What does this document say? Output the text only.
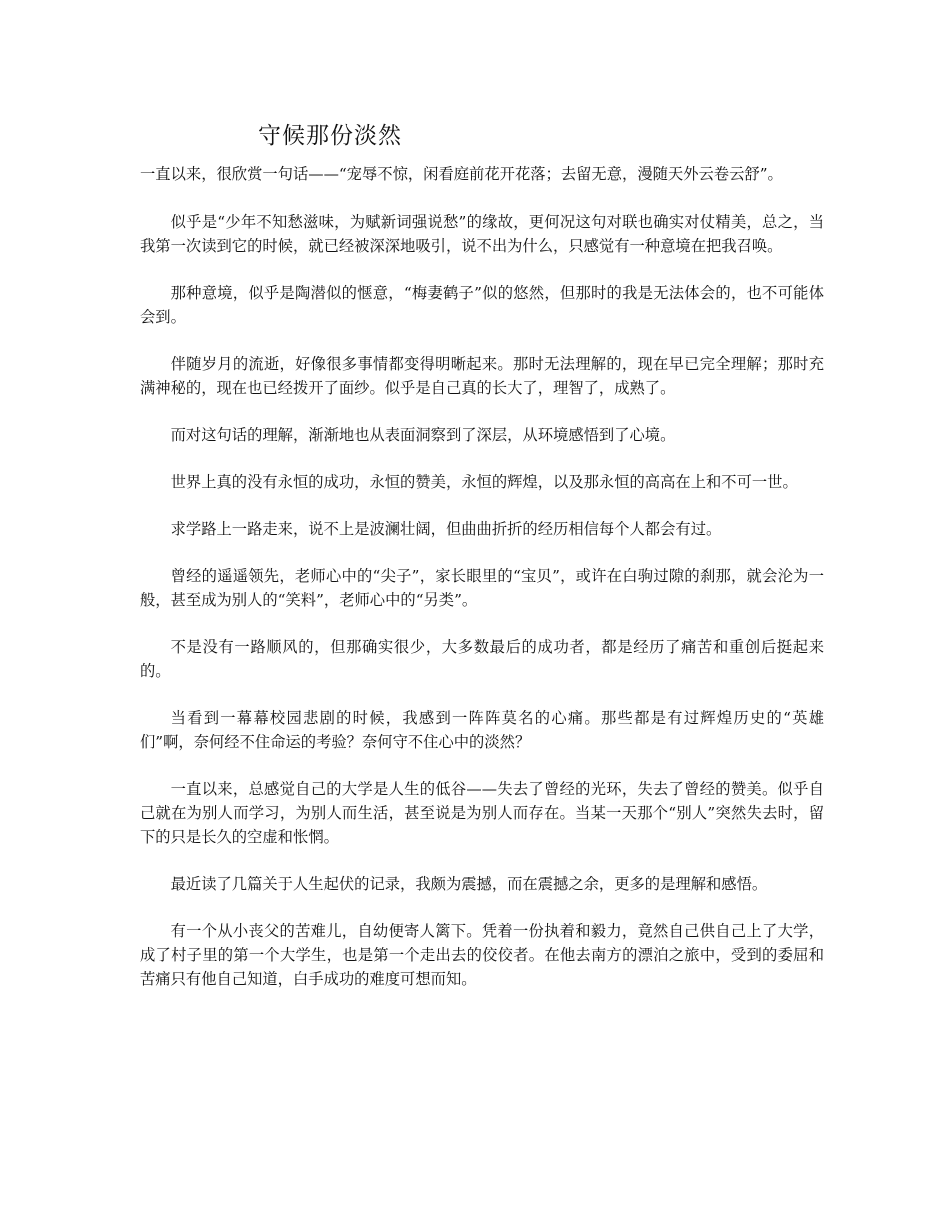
守候那份淡然

一直以来，很欣赏一句话——“宠辱不惊，闲看庭前花开花落；去留无意，漫随天外云卷云舒”。

似乎是“少年不知愁滋味，为赋新词强说愁”的缘故，更何况这句对联也确实对仗精美，总之，当我第一次读到它的时候，就已经被深深地吸引，说不出为什么，只感觉有一种意境在把我召唤。

那种意境，似乎是陶潜似的惬意，“梅妻鹤子”似的悠然，但那时的我是无法体会的，也不可能体会到。

伴随岁月的流逝，好像很多事情都变得明晰起来。那时无法理解的，现在早已完全理解；那时充满神秘的，现在也已经拨开了面纱。似乎是自己真的长大了，理智了，成熟了。

而对这句话的理解，渐渐地也从表面洞察到了深层，从环境感悟到了心境。

世界上真的没有永恒的成功，永恒的赞美，永恒的辉煌，以及那永恒的高高在上和不可一世。

求学路上一路走来，说不上是波澜壮阔，但曲曲折折的经历相信每个人都会有过。

曾经的遥遥领先，老师心中的“尖子”，家长眼里的“宝贝”，或许在白驹过隙的刹那，就会沦为一般，甚至成为别人的“笑料”，老师心中的“另类”。

不是没有一路顺风的，但那确实很少，大多数最后的成功者，都是经历了痛苦和重创后挺起来的。

当看到一幕幕校园悲剧的时候，我感到一阵阵莫名的心痛。那些都是有过辉煌历史的“英雄们”啊，奈何经不住命运的考验？奈何守不住心中的淡然？

一直以来，总感觉自己的大学是人生的低谷——失去了曾经的光环，失去了曾经的赞美。似乎自己就在为别人而学习，为别人而生活，甚至说是为别人而存在。当某一天那个“别人”突然失去时，留下的只是长久的空虚和怅惘。

最近读了几篇关于人生起伏的记录，我颇为震撼，而在震撼之余，更多的是理解和感悟。

有一个从小丧父的苦难儿，自幼便寄人篱下。凭着一份执着和毅力，竟然自己供自己上了大学，成了村子里的第一个大学生，也是第一个走出去的佼佼者。在他去南方的漂泊之旅中，受到的委屈和苦痛只有他自己知道，白手成功的难度可想而知。
